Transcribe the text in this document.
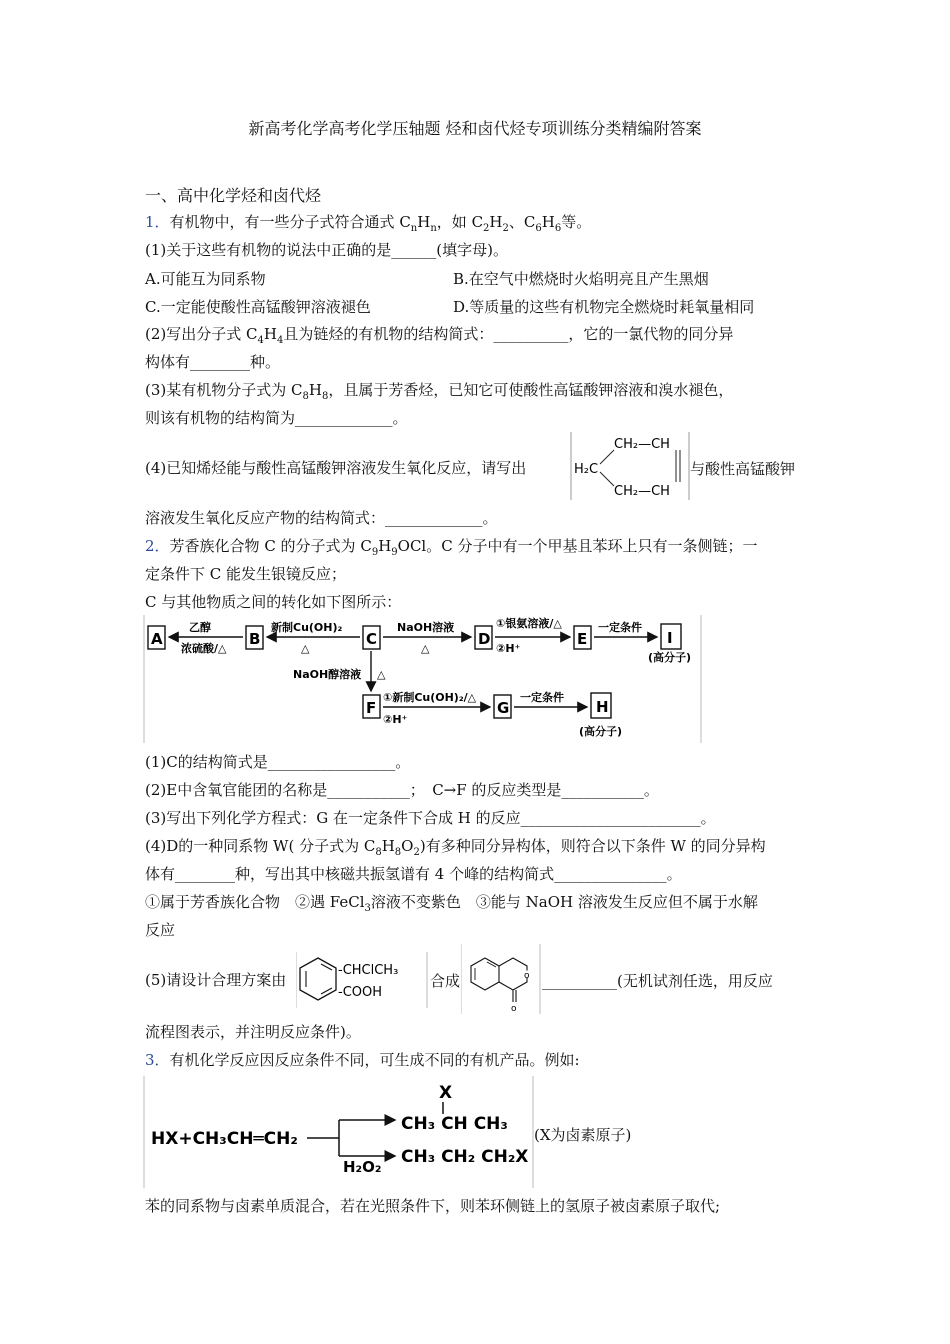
新高考化学高考化学压轴题 烃和卤代烃专项训练分类精编附答案
一、高中化学烃和卤代烃
1．有机物中，有一些分子式符合通式 $C_nH_n$，如 $C_2H_2$、$C_6H_6$等。
(1)关于这些有机物的说法中正确的是______(填字母)。
A.可能互为同系物	B.在空气中燃烧时火焰明亮且产生黑烟
C.一定能使酸性高锰酸钾溶液褪色	D.等质量的这些有机物完全燃烧时耗氧量相同
(2)写出分子式 $C_4H_4$且为链烃的有机物的结构简式：__________，它的一氯代物的同分异
构体有________种。
(3)某有机物分子式为 $C_8H_8$，且属于芳香烃，已知它可使酸性高锰酸钾溶液和溴水褪色，
则该有机物的结构简为_____________。
(4)已知烯烃能与酸性高锰酸钾溶液发生氧化反应，请写出
CH₂—CH
H₂C
CH₂—CH
与酸性高锰酸钾
溶液发生氧化反应产物的结构简式：_____________。
2．芳香族化合物 C 的分子式为 $C_9H_9OCl$。C 分子中有一个甲基且苯环上只有一条侧链；一
定条件下 C 能发生银镜反应；
C 与其他物质之间的转化如下图所示：
A	B	C	D	E	I
F	G	H
乙醇
浓硫酸/△
新制Cu(OH)₂
△
NaOH溶液
△
①银氨溶液/△
②H⁺
一定条件
(高分子)
NaOH醇溶液 △
①新制Cu(OH)₂/△
②H⁺
一定条件
(高分子)
(1)C的结构简式是_________________。
(2)E中含氧官能团的名称是___________；　C→F 的反应类型是___________。
(3)写出下列化学方程式：G 在一定条件下合成 H 的反应________________________。
(4)D的一种同系物 W( 分子式为 $C_8H_8O_2$)有多种同分异构体，则符合以下条件 W 的同分异构
体有________种，写出其中核磁共振氢谱有 4 个峰的结构简式_______________。
①属于芳香族化合物　②遇 FeCl$_3$溶液不变紫色　③能与 NaOH 溶液发生反应但不属于水解
反应
(5)请设计合理方案由
-CHClCH₃
-COOH
合成	o
o
__________(无机试剂任选，用反应
流程图表示，并注明反应条件)。
3．有机化学反应因反应条件不同，可生成不同的有机产品。例如:
HX+CH₃CH═CH₂
X
CH₃ CH CH₃
H₂O₂ CH₃ CH₂ CH₂X
(X为卤素原子)
苯的同系物与卤素单质混合，若在光照条件下，则苯环侧链上的氢原子被卤素原子取代;
